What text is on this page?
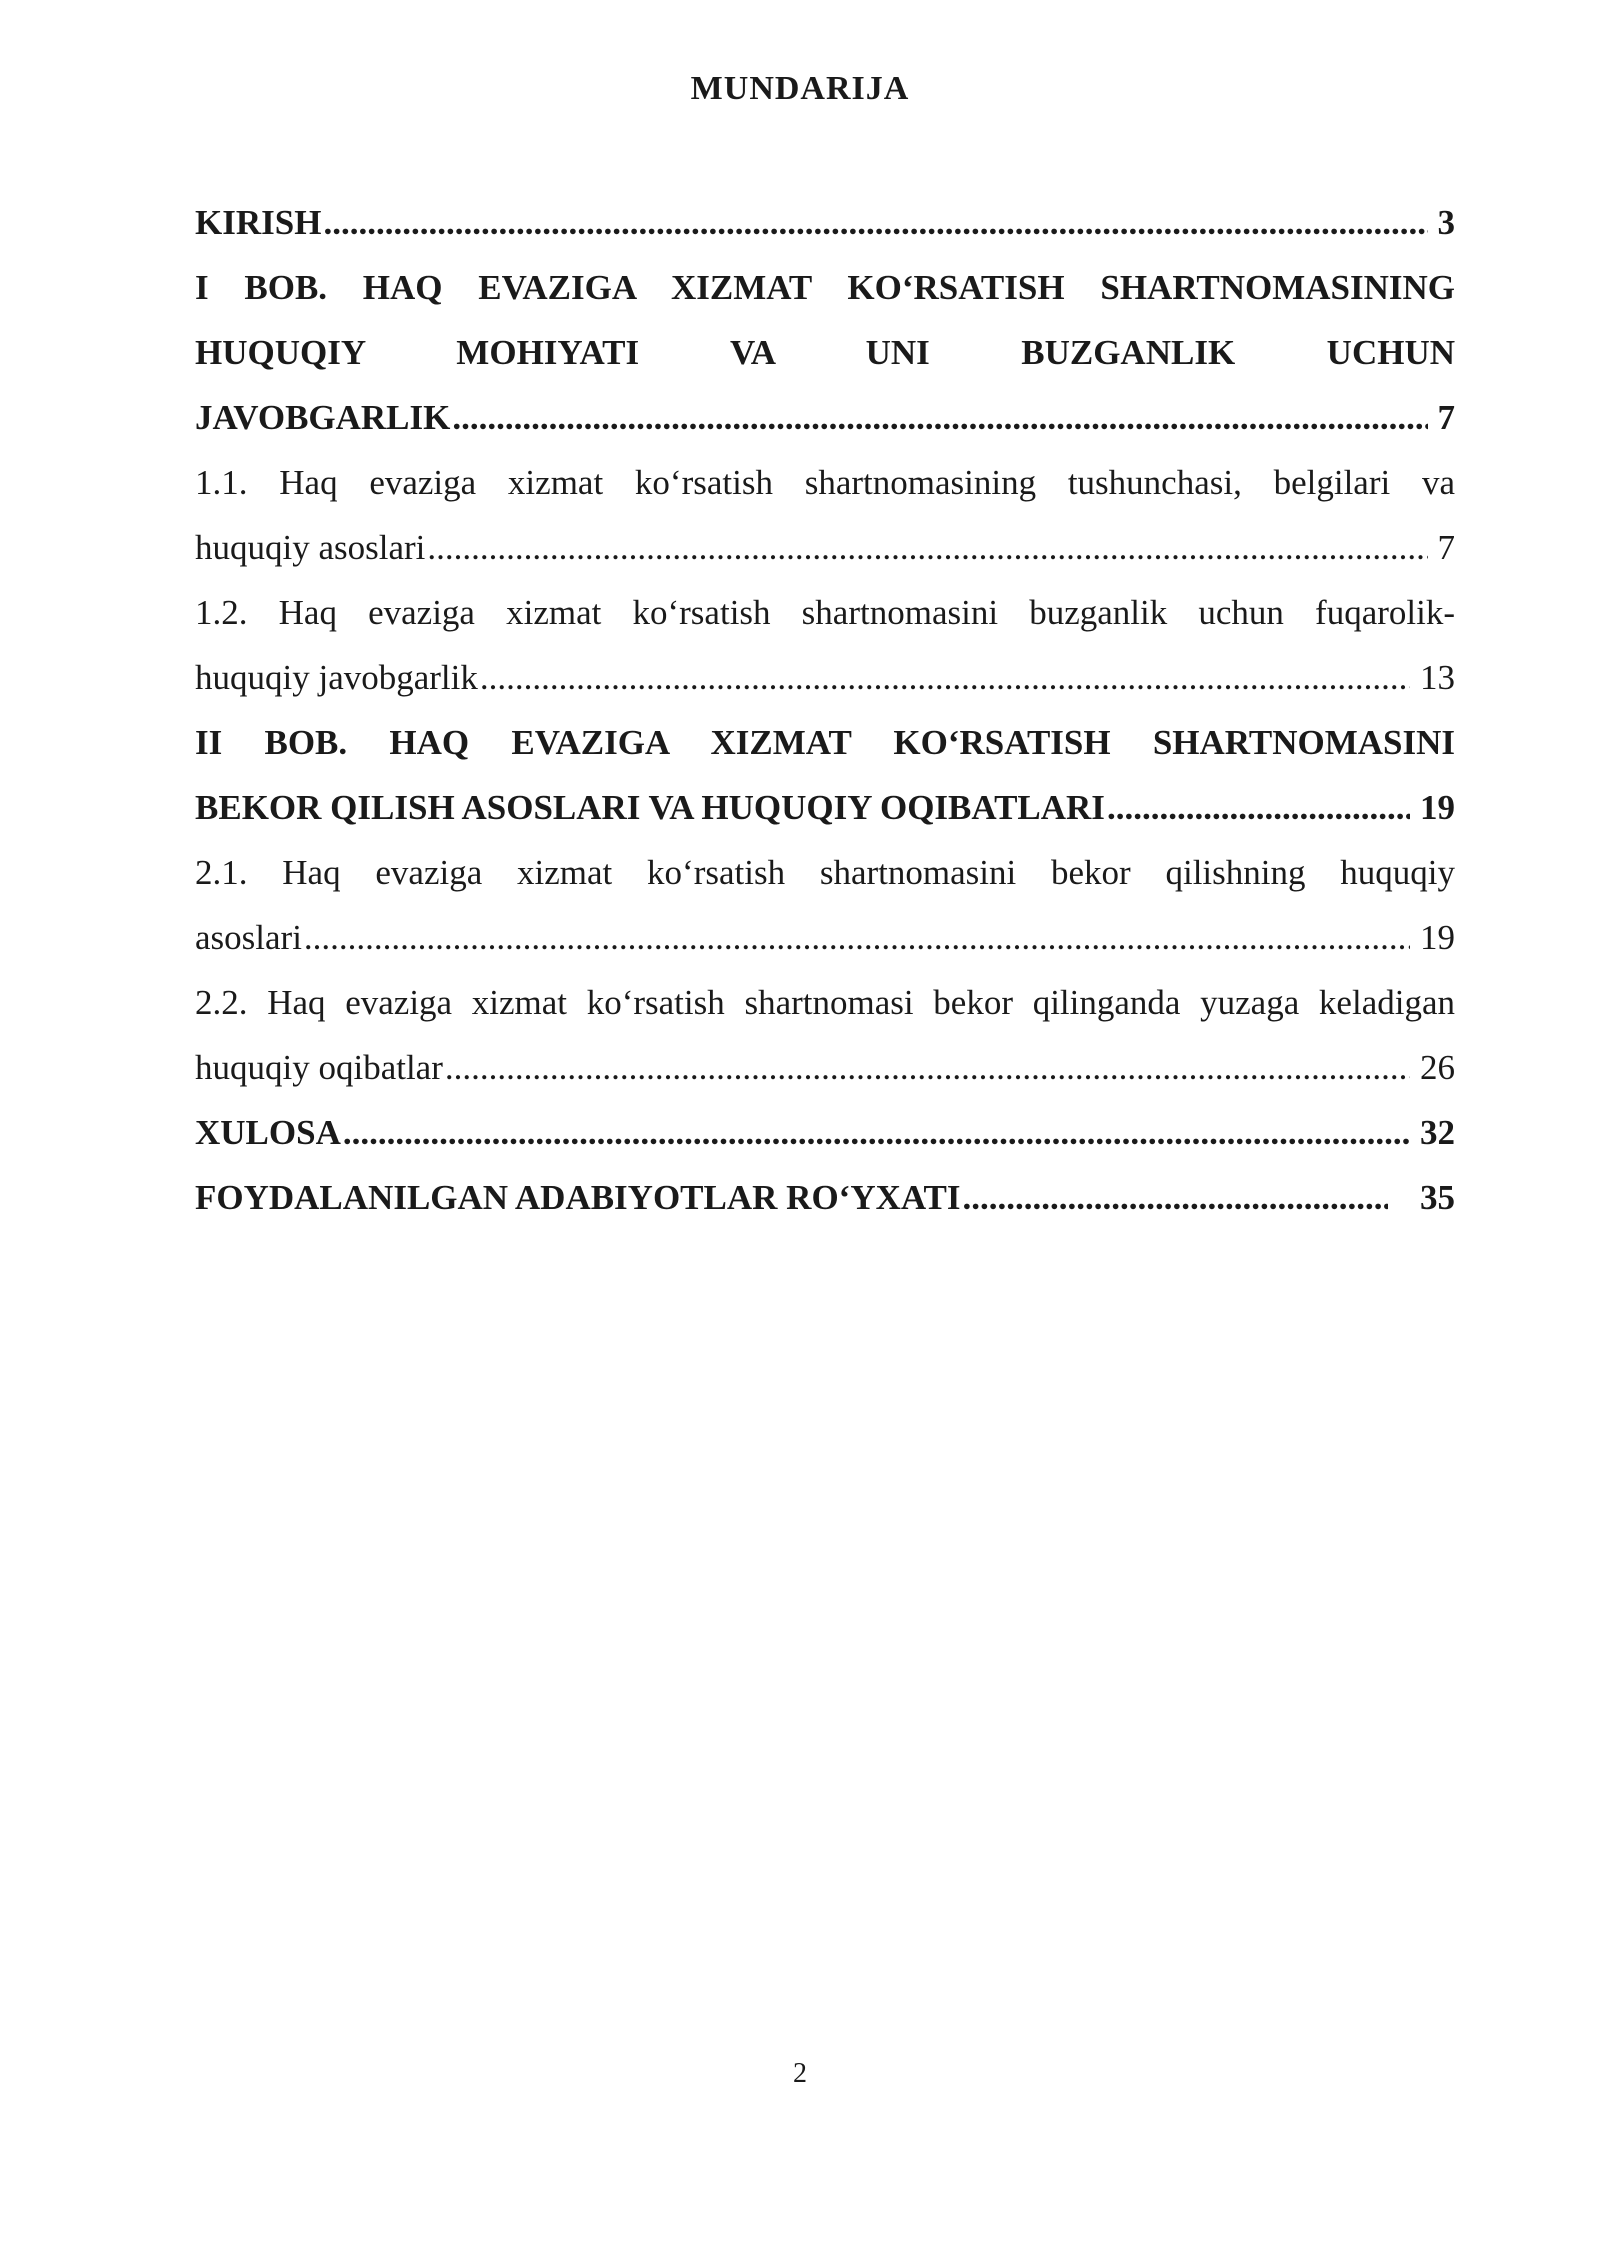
MUNDARIJA
KIRISH .....	3
I BOB. HAQ EVAZIGA XIZMAT KO‘RSATISH SHARTNOMASINING
HUQUQIY MOHIYATI VA UNI BUZGANLIK UCHUN
JAVOBGARLIK .....	7
1.1. Haq evaziga xizmat ko‘rsatish shartnomasining tushunchasi, belgilari va
huquqiy asoslari .....	7
1.2. Haq evaziga xizmat ko‘rsatish shartnomasini buzganlik uchun fuqarolik-
huquqiy javobgarlik .....	13
II BOB. HAQ EVAZIGA XIZMAT KO‘RSATISH SHARTNOMASINI
BEKOR QILISH ASOSLARI VA HUQUQIY OQIBATLARI .....	19
2.1. Haq evaziga xizmat ko‘rsatish shartnomasini bekor qilishning huquqiy
asoslari .....	19
2.2. Haq evaziga xizmat ko‘rsatish shartnomasi bekor qilinganda yuzaga keladigan
huquqiy oqibatlar .....	26
XULOSA .....	32
FOYDALANILGAN ADABIYOTLAR RO‘YXATI .....	35
2
